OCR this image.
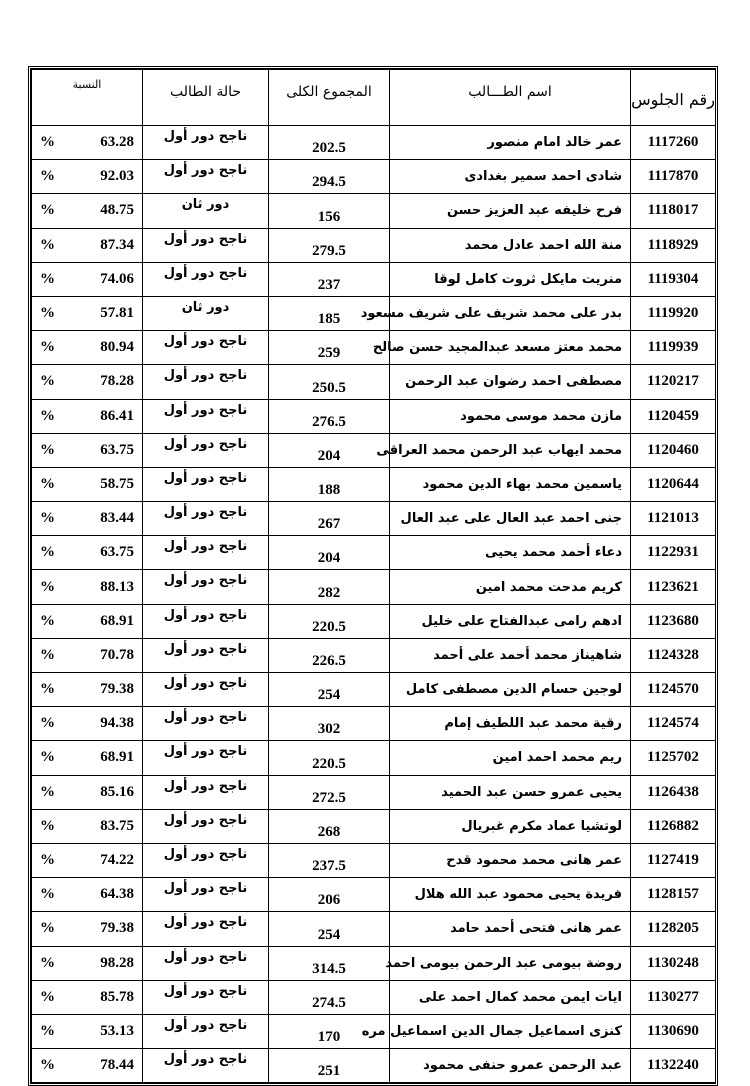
رقم الجلوس	اسم الطـــالب	المجموع الكلى	حالة الطالب	النسبة

1117260	عمر خالد امام منصور	202.5	ناجح دور أول	% 63.28
1117870	شادى احمد سمير بغدادى	294.5	ناجح دور أول	% 92.03
1118017	فرح خليفه عبد العزيز حسن	156	دور ثان	% 48.75
1118929	منة الله احمد عادل محمد	279.5	ناجح دور أول	% 87.34
1119304	منريت مايكل ثروت كامل لوقا	237	ناجح دور أول	% 74.06
1119920	بدر على محمد شريف على شريف مسعود	185	دور ثان	% 57.81
1119939	محمد معتز مسعد عبدالمجيد حسن صالح	259	ناجح دور أول	% 80.94
1120217	مصطفى احمد رضوان عبد الرحمن	250.5	ناجح دور أول	% 78.28
1120459	مازن محمد موسى محمود	276.5	ناجح دور أول	% 86.41
1120460	محمد ايهاب عبد الرحمن محمد العراقى	204	ناجح دور أول	% 63.75
1120644	ياسمين محمد بهاء الدين محمود	188	ناجح دور أول	% 58.75
1121013	جنى احمد عبد العال على عبد العال	267	ناجح دور أول	% 83.44
1122931	دعاء أحمد محمد يحيى	204	ناجح دور أول	% 63.75
1123621	كريم مدحت محمد امين	282	ناجح دور أول	% 88.13
1123680	ادهم رامى عبدالفتاح على خليل	220.5	ناجح دور أول	% 68.91
1124328	شاهيناز محمد أحمد على أحمد	226.5	ناجح دور أول	% 70.78
1124570	لوجين حسام الدين مصطفى كامل	254	ناجح دور أول	% 79.38
1124574	رقية محمد عبد اللطيف إمام	302	ناجح دور أول	% 94.38
1125702	ريم محمد احمد امين	220.5	ناجح دور أول	% 68.91
1126438	يحيى عمرو حسن عبد الحميد	272.5	ناجح دور أول	% 85.16
1126882	لوتشيا عماد مكرم غبريال	268	ناجح دور أول	% 83.75
1127419	عمر هانى محمد محمود قدح	237.5	ناجح دور أول	% 74.22
1128157	فريدة يحيى محمود عبد الله هلال	206	ناجح دور أول	% 64.38
1128205	عمر هانى فتحى أحمد حامد	254	ناجح دور أول	% 79.38
1130248	روضة بيومى عبد الرحمن بيومى احمد	314.5	ناجح دور أول	% 98.28
1130277	ايات ايمن محمد كمال احمد على	274.5	ناجح دور أول	% 85.78
1130690	كنزى اسماعيل جمال الدين اسماعيل مره	170	ناجح دور أول	% 53.13
1132240	عبد الرحمن عمرو حنفى محمود	251	ناجح دور أول	% 78.44
